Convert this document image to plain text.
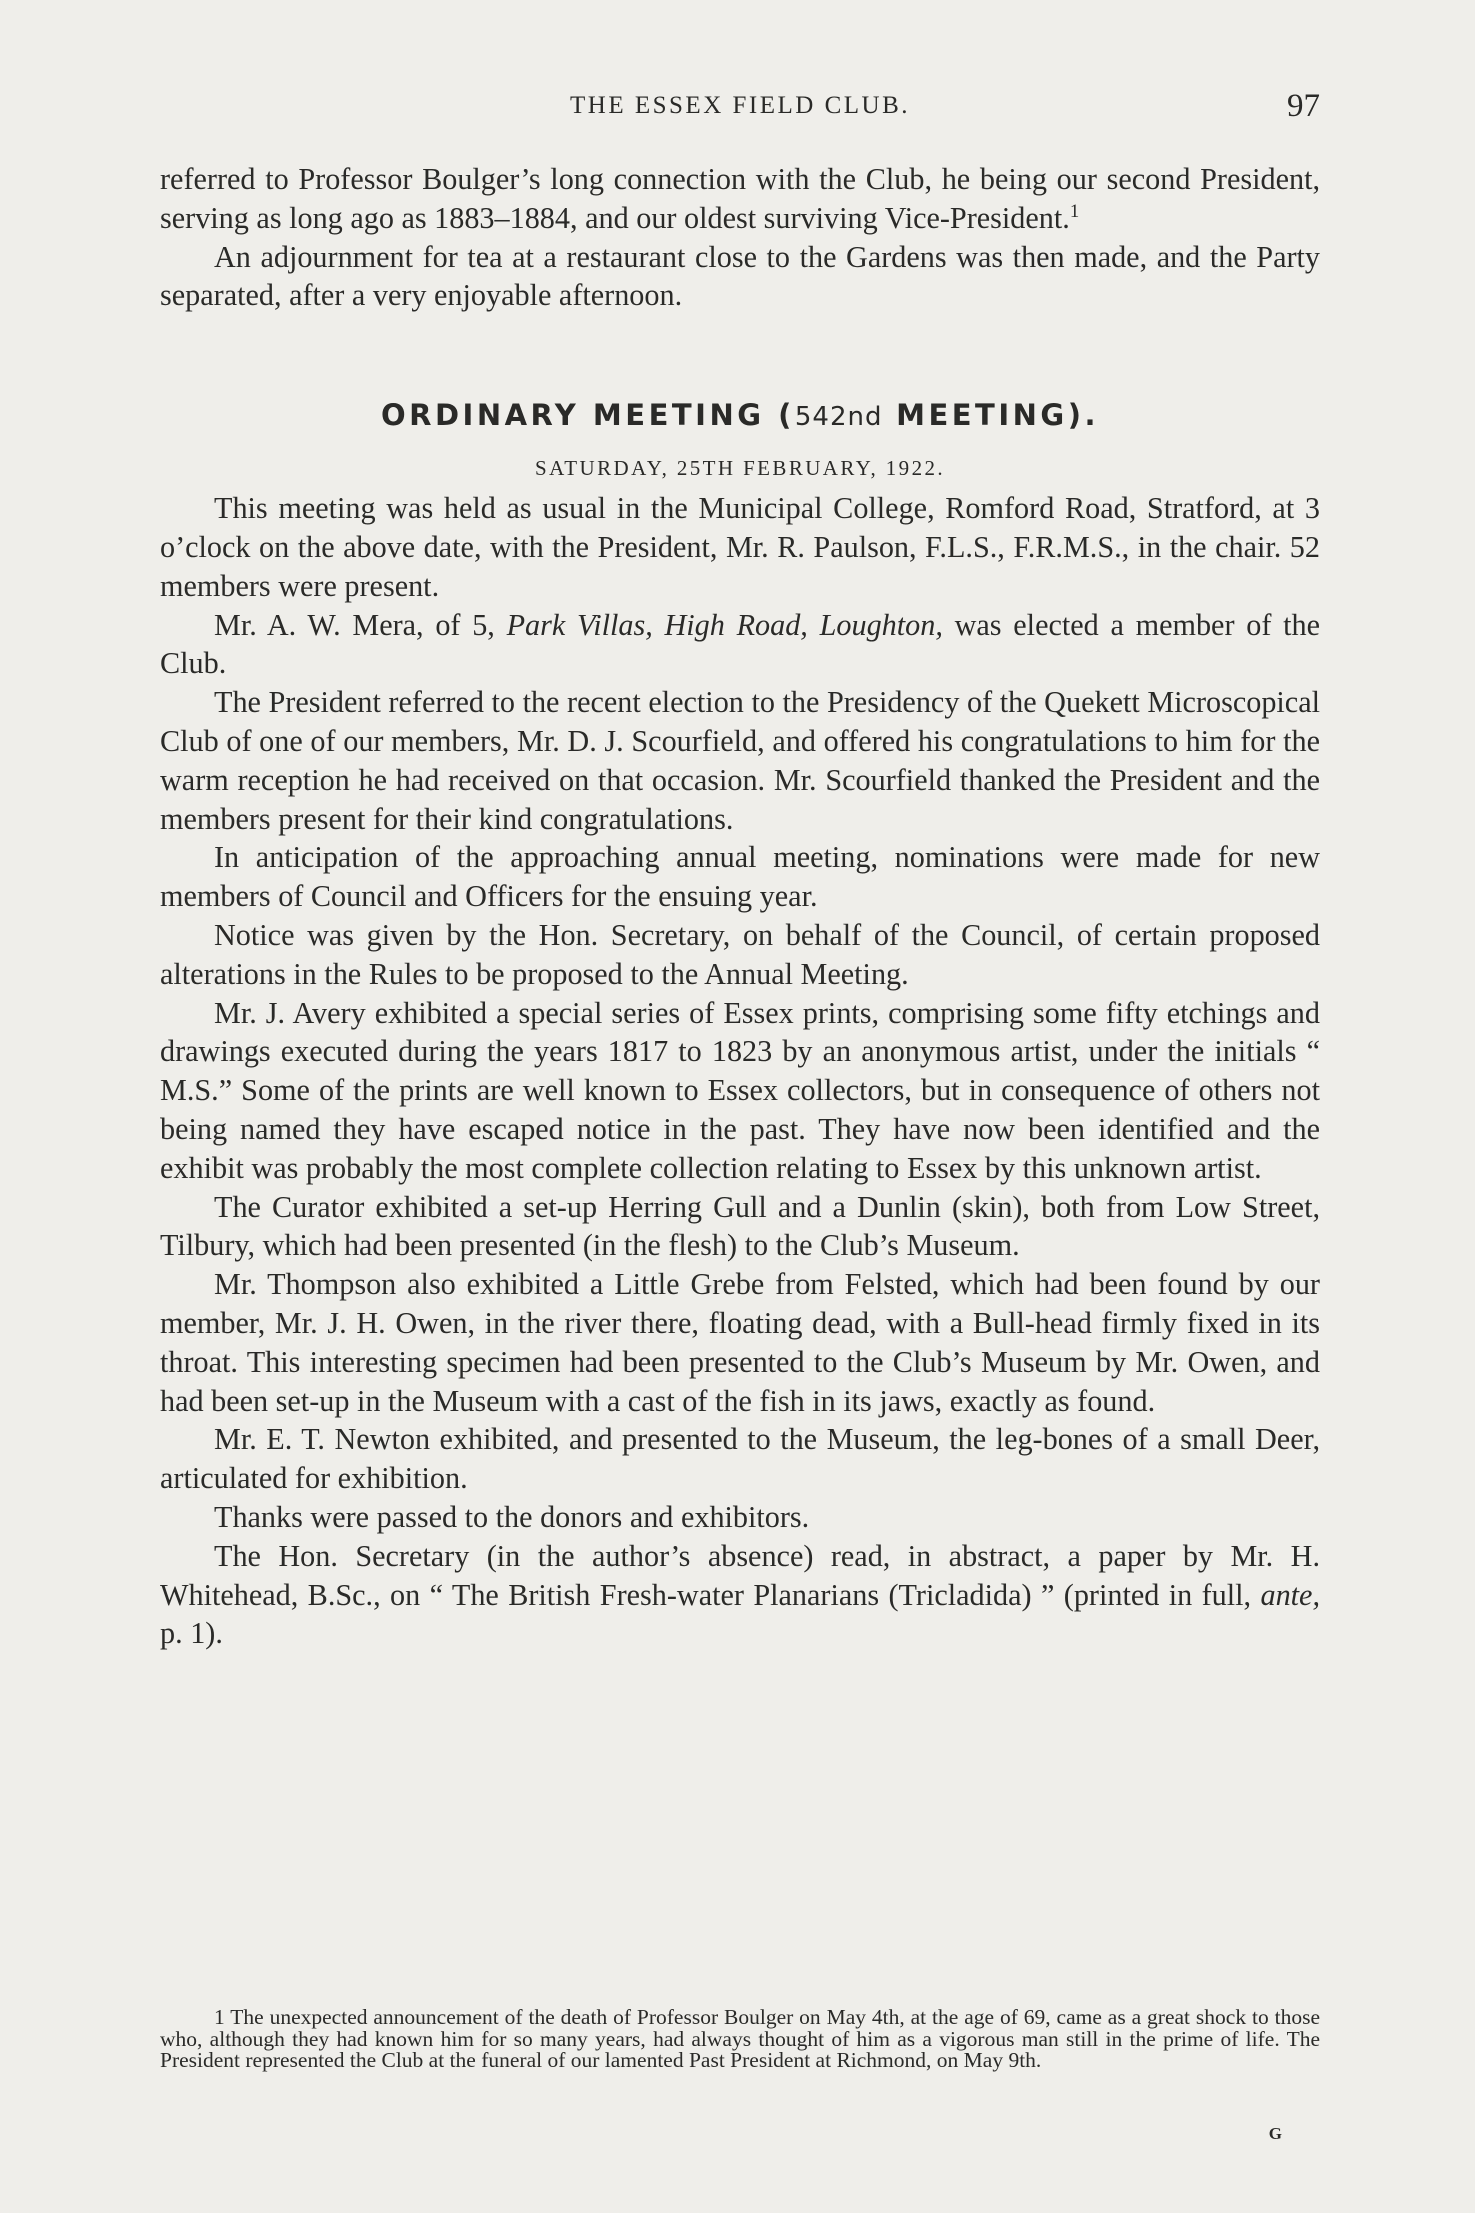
THE ESSEX FIELD CLUB.	97

referred to Professor Boulger’s long connection with the Club, he being our second President, serving as long ago as 1883–1884, and our oldest surviving Vice-President.$^1$

An adjournment for tea at a restaurant close to the Gardens was then made, and the Party separated, after a very enjoyable afternoon.

ORDINARY MEETING (542nd MEETING).
SATURDAY, 25TH FEBRUARY, 1922.

This meeting was held as usual in the Municipal College, Romford Road, Stratford, at 3 o’clock on the above date, with the President, Mr. R. Paulson, F.L.S., F.R.M.S., in the chair. 52 members were present.

Mr. A. W. Mera, of 5, Park Villas, High Road, Loughton, was elected a member of the Club.

The President referred to the recent election to the Presidency of the Quekett Microscopical Club of one of our members, Mr. D. J. Scourfield, and offered his congratulations to him for the warm reception he had received on that occasion. Mr. Scourfield thanked the President and the members present for their kind congratulations.

In anticipation of the approaching annual meeting, nominations were made for new members of Council and Officers for the ensuing year.

Notice was given by the Hon. Secretary, on behalf of the Council, of certain proposed alterations in the Rules to be proposed to the Annual Meeting.

Mr. J. Avery exhibited a special series of Essex prints, comprising some fifty etchings and drawings executed during the years 1817 to 1823 by an anonymous artist, under the initials “ M.S.” Some of the prints are well known to Essex collectors, but in consequence of others not being named they have escaped notice in the past. They have now been identified and the exhibit was probably the most complete collection relating to Essex by this unknown artist.

The Curator exhibited a set-up Herring Gull and a Dunlin (skin), both from Low Street, Tilbury, which had been presented (in the flesh) to the Club’s Museum.

Mr. Thompson also exhibited a Little Grebe from Felsted, which had been found by our member, Mr. J. H. Owen, in the river there, floating dead, with a Bull-head firmly fixed in its throat. This interesting specimen had been presented to the Club’s Museum by Mr. Owen, and had been set-up in the Museum with a cast of the fish in its jaws, exactly as found.

Mr. E. T. Newton exhibited, and presented to the Museum, the leg-bones of a small Deer, articulated for exhibition.

Thanks were passed to the donors and exhibitors.

The Hon. Secretary (in the author’s absence) read, in abstract, a paper by Mr. H. Whitehead, B.Sc., on “ The British Fresh-water Planarians (Tricladida) ” (printed in full, ante, p. 1).

1 The unexpected announcement of the death of Professor Boulger on May 4th, at the age of 69, came as a great shock to those who, although they had known him for so many years, had always thought of him as a vigorous man still in the prime of life. The President represented the Club at the funeral of our lamented Past President at Richmond, on May 9th.

G
